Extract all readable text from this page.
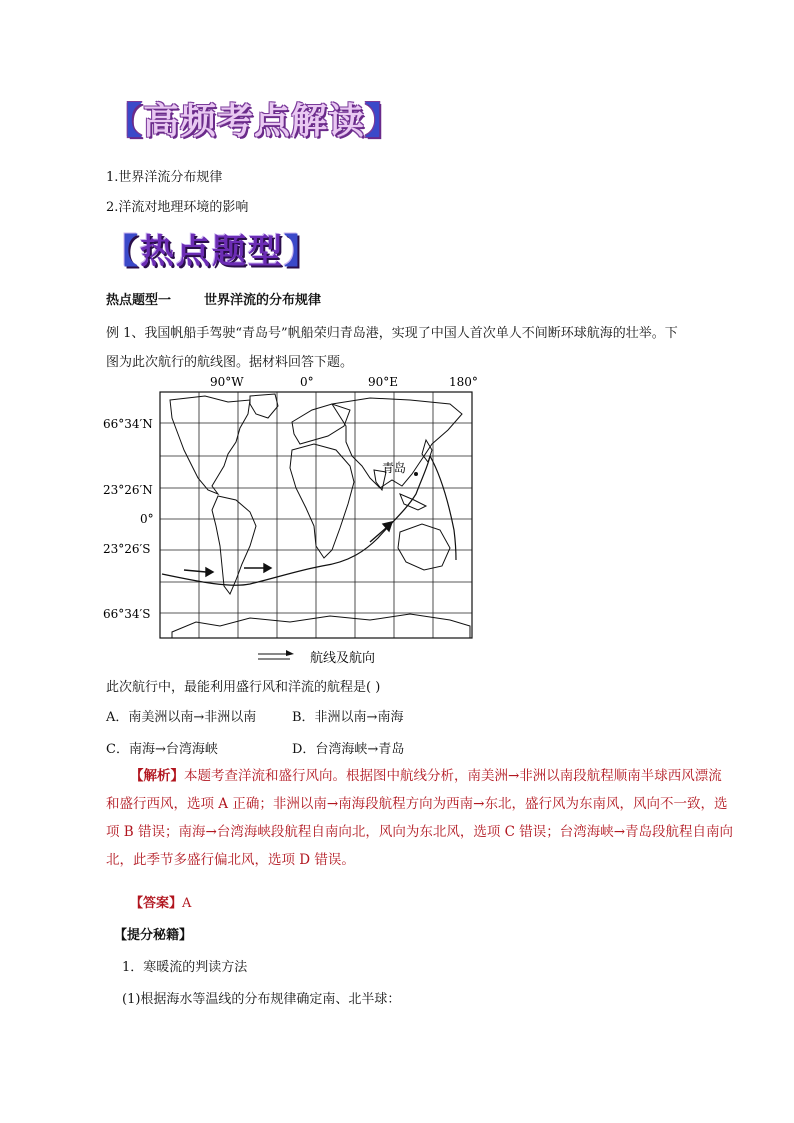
【高频考点解读】
1.世界洋流分布规律
2.洋流对地理环境的影响
【热点题型】
热点题型一	世界洋流的分布规律
例 1、我国帆船手驾驶“青岛号”帆船荣归青岛港，实现了中国人首次单人不间断环球航海的壮举。下
图为此次航行的航线图。据材料回答下题。
90°W	0°	90°E	180°
66°34′N
23°26′N
0°
23°26′S
66°34′S
青岛
航线及航向
此次航行中，最能利用盛行风和洋流的航程是( )
A．南美洲以南→非洲以南	B．非洲以南→南海
C．南海→台湾海峡	D．台湾海峡→青岛
【解析】本题考查洋流和盛行风向。根据图中航线分析，南美洲→非洲以南段航程顺南半球西风漂流
和盛行西风，选项 A 正确；非洲以南→南海段航程方向为西南→东北，盛行风为东南风，风向不一致，选
项 B 错误；南海→台湾海峡段航程自南向北，风向为东北风，选项 C 错误；台湾海峡→青岛段航程自南向
北，此季节多盛行偏北风，选项 D 错误。
【答案】A
【提分秘籍】
1．寒暖流的判读方法
(1)根据海水等温线的分布规律确定南、北半球：
